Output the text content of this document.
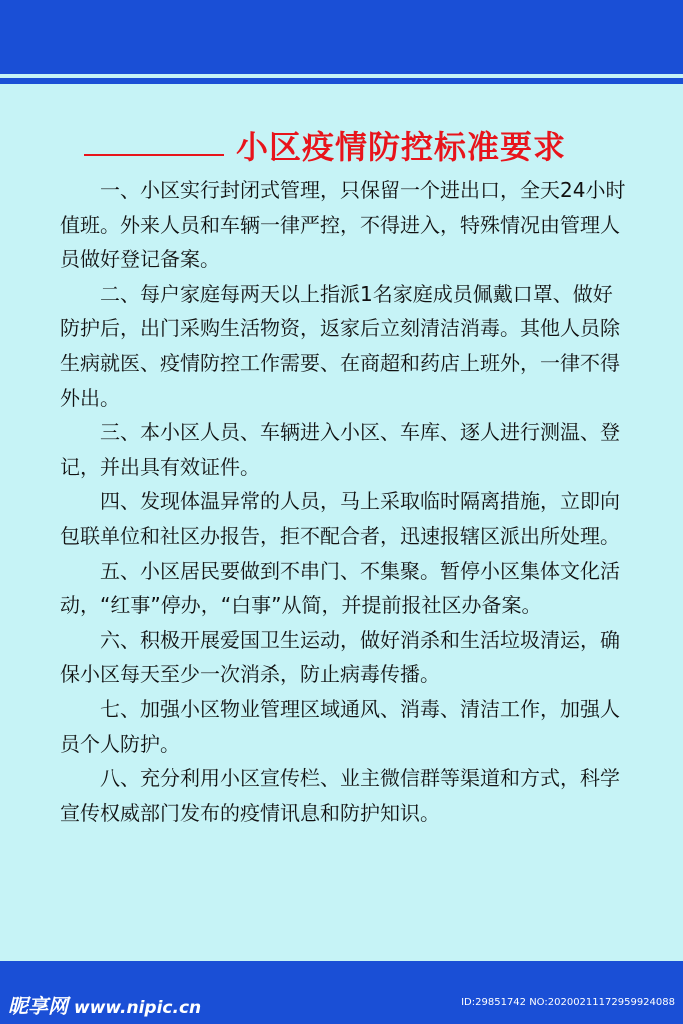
小区疫情防控标准要求

一、小区实行封闭式管理，只保留一个进出口，全天24小时值班。外来人员和车辆一律严控，不得进入，特殊情况由管理人员做好登记备案。

二、每户家庭每两天以上指派1名家庭成员佩戴口罩、做好防护后，出门采购生活物资，返家后立刻清洁消毒。其他人员除生病就医、疫情防控工作需要、在商超和药店上班外，一律不得外出。

三、本小区人员、车辆进入小区、车库、逐人进行测温、登记，并出具有效证件。

四、发现体温异常的人员，马上采取临时隔离措施，立即向包联单位和社区办报告，拒不配合者，迅速报辖区派出所处理。

五、小区居民要做到不串门、不集聚。暂停小区集体文化活动，“红事”停办，“白事”从简，并提前报社区办备案。

六、积极开展爱国卫生运动，做好消杀和生活垃圾清运，确保小区每天至少一次消杀，防止病毒传播。

七、加强小区物业管理区域通风、消毒、清洁工作，加强人员个人防护。

八、充分利用小区宣传栏、业主微信群等渠道和方式，科学宣传权威部门发布的疫情讯息和防护知识。

昵享网 www.nipic.cn	ID:29851742 NO:20200211172959924088
